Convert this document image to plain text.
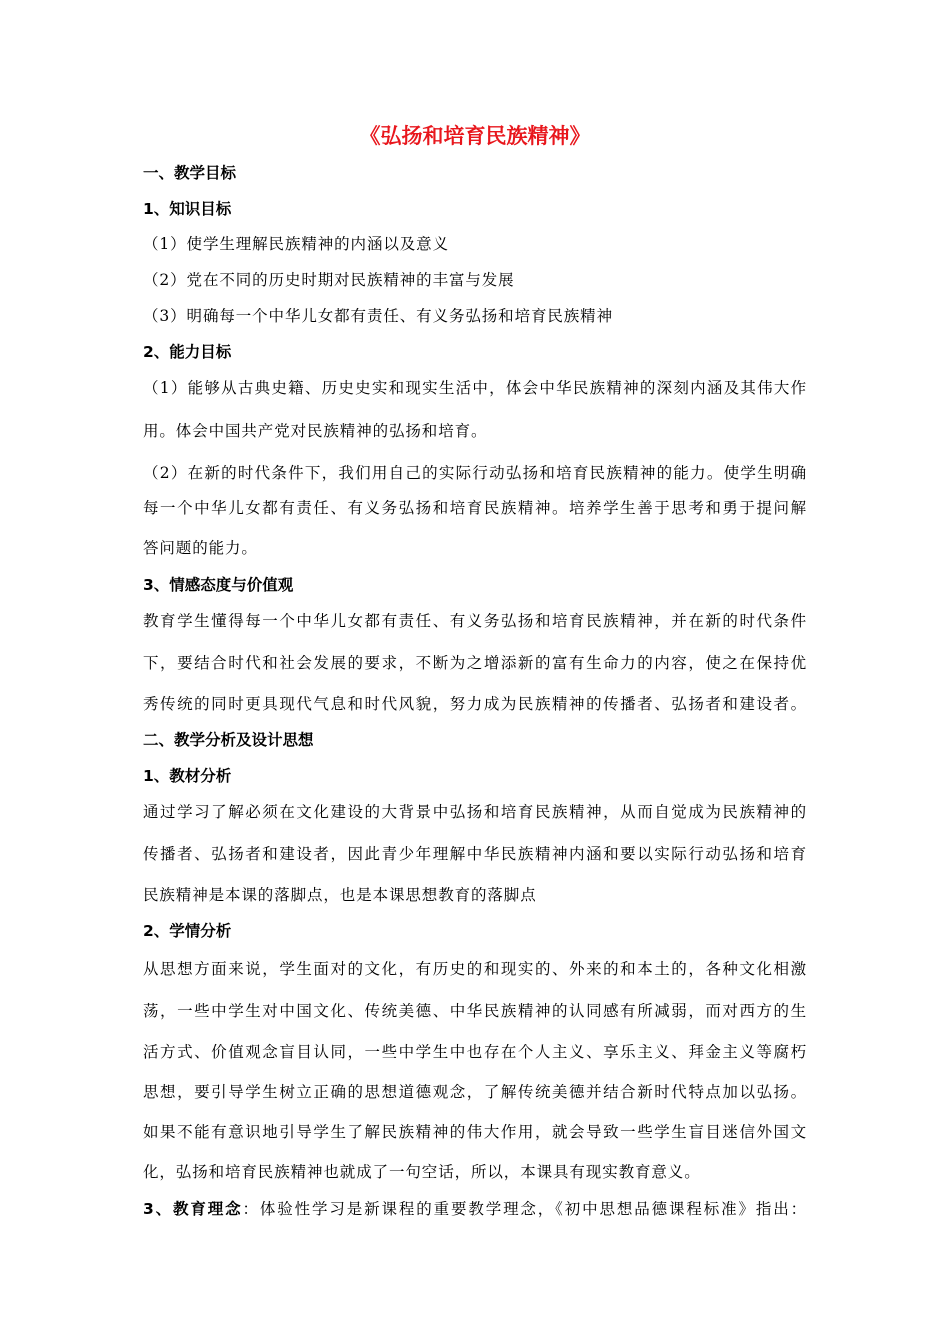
《弘扬和培育民族精神》
一、教学目标
1、知识目标
（1）使学生理解民族精神的内涵以及意义
（2）党在不同的历史时期对民族精神的丰富与发展
（3）明确每一个中华儿女都有责任、有义务弘扬和培育民族精神
2、能力目标
（1）能够从古典史籍、历史史实和现实生活中，体会中华民族精神的深刻内涵及其伟大作
用。体会中国共产党对民族精神的弘扬和培育。
（2）在新的时代条件下，我们用自己的实际行动弘扬和培育民族精神的能力。使学生明确
每一个中华儿女都有责任、有义务弘扬和培育民族精神。培养学生善于思考和勇于提问解
答问题的能力。
3、情感态度与价值观
教育学生懂得每一个中华儿女都有责任、有义务弘扬和培育民族精神，并在新的时代条件
下，要结合时代和社会发展的要求，不断为之增添新的富有生命力的内容，使之在保持优
秀传统的同时更具现代气息和时代风貌，努力成为民族精神的传播者、弘扬者和建设者。
二、教学分析及设计思想
1、教材分析
通过学习了解必须在文化建设的大背景中弘扬和培育民族精神，从而自觉成为民族精神的
传播者、弘扬者和建设者，因此青少年理解中华民族精神内涵和要以实际行动弘扬和培育
民族精神是本课的落脚点，也是本课思想教育的落脚点
2、学情分析
从思想方面来说，学生面对的文化，有历史的和现实的、外来的和本土的，各种文化相激
荡，一些中学生对中国文化、传统美德、中华民族精神的认同感有所减弱，而对西方的生
活方式、价值观念盲目认同，一些中学生中也存在个人主义、享乐主义、拜金主义等腐朽
思想，要引导学生树立正确的思想道德观念，了解传统美德并结合新时代特点加以弘扬。
如果不能有意识地引导学生了解民族精神的伟大作用，就会导致一些学生盲目迷信外国文
化，弘扬和培育民族精神也就成了一句空话，所以，本课具有现实教育意义。
3、教育理念：体验性学习是新课程的重要教学理念，《初中思想品德课程标准》指出：
